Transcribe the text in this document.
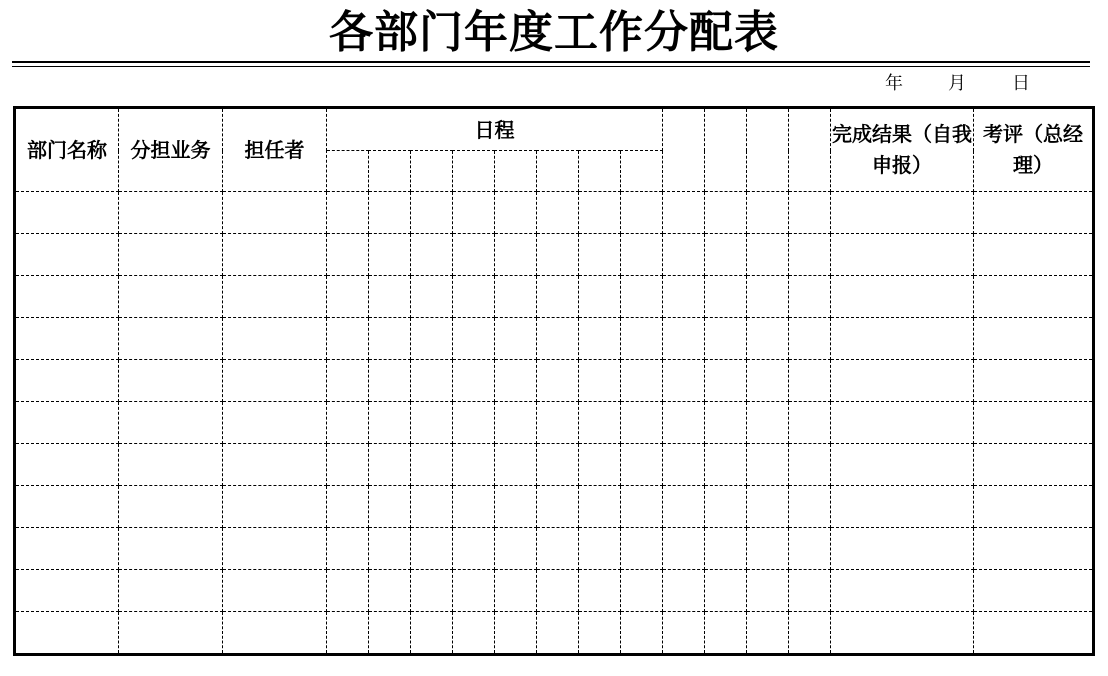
各部门年度工作分配表
年	月	日
部门名称	分担业务	担任者	日程												完成结果（自我申报）	考评（总经理）
